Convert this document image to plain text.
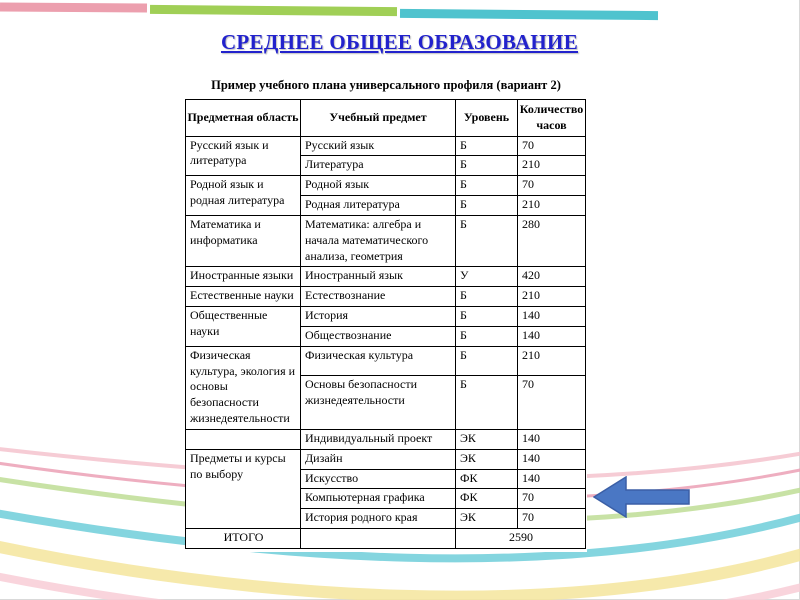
СРЕДНЕЕ ОБЩЕЕ ОБРАЗОВАНИЕ
Пример учебного плана универсального профиля (вариант 2)
Предметная область	Учебный предмет	Уровень	Количество часов
Русский язык и литература	Русский язык	Б	70
	Литература	Б	210
Родной язык и родная литература	Родной язык	Б	70
	Родная литература	Б	210
Математика и информатика	Математика: алгебра и начала математического анализа, геометрия	Б	280
Иностранные языки	Иностранный язык	У	420
Естественные науки	Естествознание	Б	210
Общественные науки	История	Б	140
	Обществознание	Б	140
Физическая культура, экология и основы безопасности жизнедеятельности	Физическая культура	Б	210
	Основы безопасности жизнедеятельности	Б	70
	Индивидуальный проект	ЭК	140
Предметы и курсы по выбору	Дизайн	ЭК	140
	Искусство	ФК	140
	Компьютерная графика	ФК	70
	История родного края	ЭК	70
ИТОГО		2590	
